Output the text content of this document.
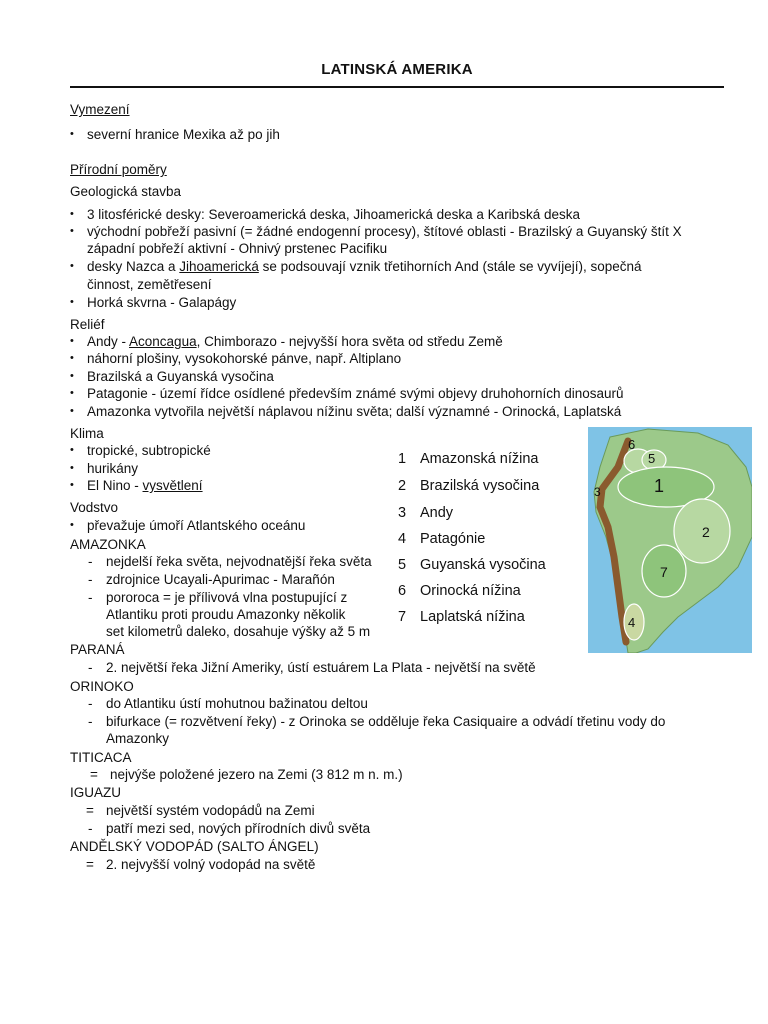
LATINSKÁ AMERIKA
Vymezení
• severní hranice Mexika až po jih
Přírodní poměry
Geologická stavba
• 3 litosférické desky: Severoamerická deska, Jihoamerická deska a Karibská deska
• východní pobřeží pasivní (= žádné endogenní procesy), štítové oblasti - Brazilský a Guyanský štít X
západní pobřeží aktivní - Ohnivý prstenec Pacifiku
• desky Nazca a Jihoamerická se podsouvají vznik třetihorních And (stále se vyvíjejí), sopečná
činnost, zemětřesení
• Horká skvrna - Galapágy
Reliéf
• Andy - Aconcagua, Chimborazo - nejvyšší hora světa od středu Země
• náhorní plošiny, vysokohorské pánve, např. Altiplano
• Brazilská a Guyanská vysočina
• Patagonie - území řídce osídlené především známé svými objevy druhohorních dinosaurů
• Amazonka vytvořila největší náplavou nížinu světa; další významné - Orinocká, Laplatská
Klima
• tropické, subtropické
• hurikány
• El Nino - vysvětlení
Vodstvo
• převažuje úmoří Atlantského oceánu
AMAZONKA
- nejdelší řeka světa, nejvodnatější řeka světa
- zdrojnice Ucayali-Apurimac - Marañón
- pororoca = je přílivová vlna postupující z
Atlantiku proti proudu Amazonky několik
set kilometrů daleko, dosahuje výšky až 5 m
PARANÁ
- 2. největší řeka Jižní Ameriky, ústí estuárem La Plata - největší na světě
ORINOKO
- do Atlantiku ústí mohutnou bažinatou deltou
- bifurkace (= rozvětvení řeky) - z Orinoka se odděluje řeka Casiquaire a odvádí třetinu vody do
Amazonky
TITICACA
= nejvýše položené jezero na Zemi (3 812 m n. m.)
IGUAZU
= největší systém vodopádů na Zemi
- patří mezi sed, nových přírodních divů světa
ANDĚLSKÝ VODOPÁD (SALTO ÁNGEL)
= 2. nejvyšší volný vodopád na světě
1 Amazonská nížina
2 Brazilská vysočina
3 Andy
4 Patagónie
5 Guyanská vysočina
6 Orinocká nížina
7 Laplatská nížina
6
5
1
3
2
7
4
